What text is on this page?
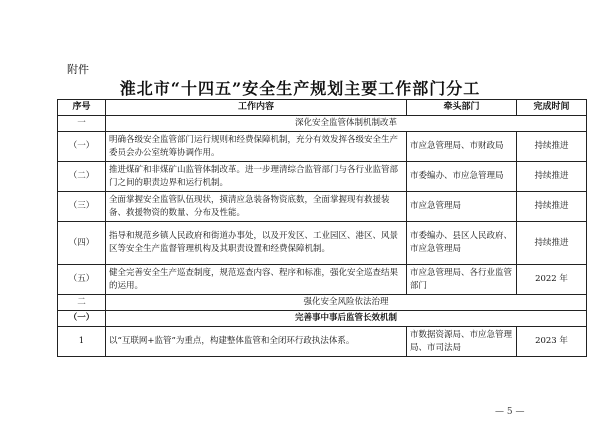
附件
淮北市“十四五”安全生产规划主要工作部门分工
序号	工作内容	牵头部门	完成时间
一	深化安全监管体制机制改革		
（一）	明确各级安全监管部门运行规则和经费保障机制，充分有效发挥各级安全生产委员会办公室统筹协调作用。	市应急管理局、市财政局	持续推进
（二）	推进煤矿和非煤矿山监管体制改革。进一步理清综合监管部门与各行业监管部门之间的职责边界和运行机制。	市委编办、市应急管理局	持续推进
（三）	全面掌握安全监管队伍现状，摸清应急装备物资底数，全面掌握现有救援装备、救援物资的数量、分布及性能。	市应急管理局	持续推进
（四）	指导和规范乡镇人民政府和街道办事处，以及开发区、工业园区、港区、风景区等安全生产监督管理机构及其职责设置和经费保障机制。	市委编办、县区人民政府、市应急管理局	持续推进
（五）	健全完善安全生产巡查制度，规范巡查内容、程序和标准，强化安全巡查结果的运用。	市应急管理局、各行业监管部门	2022 年
二	强化安全风险依法治理		
（一）	完善事中事后监管长效机制		
1	以“互联网+监管”为重点，构建整体监管和全闭环行政执法体系。	市数据资源局、市应急管理局、市司法局	2023 年
— 5 —
